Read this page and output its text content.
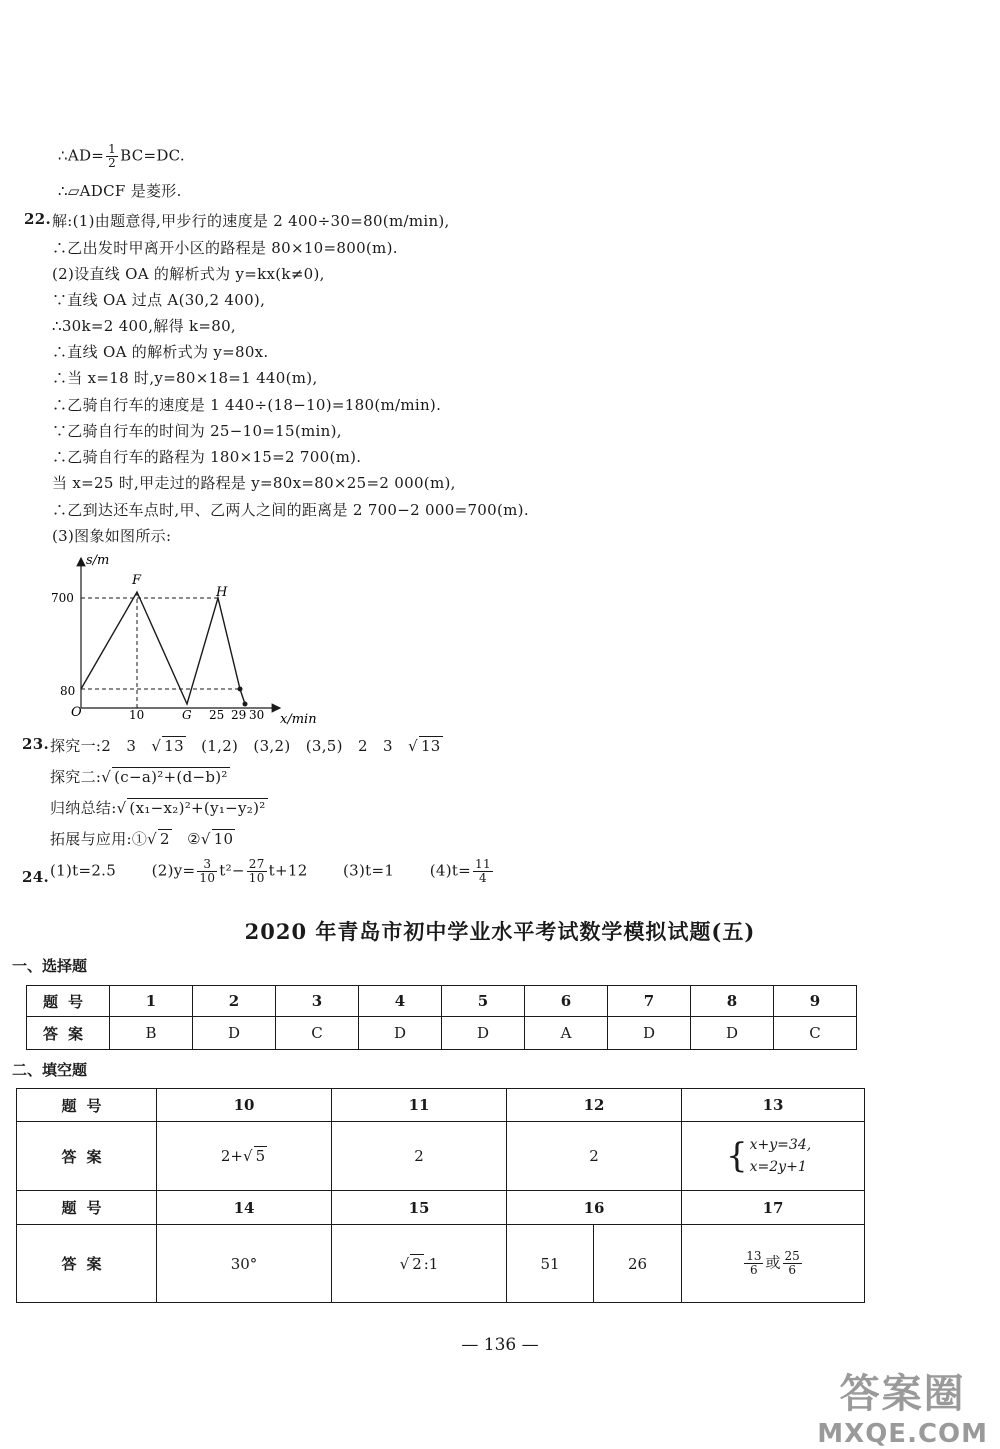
∴AD= $\frac{1}{2} BC=DC$.
∴▱ADCF 是菱形.
22. 解:(1)由题意得,甲步行的速度是 2 400÷30=80(m/min),
∴乙出发时甲离开小区的路程是 80×10=800(m).
(2)设直线 OA 的解析式为 y=kx(k≠0),
∵直线 OA 过点 A(30,2 400),
∴30k=2 400,解得 k=80,
∴直线 OA 的解析式为 y=80x.
∴当 x=18 时,y=80×18=1 440(m),
∴乙骑自行车的速度是 1 440÷(18−10)=180(m/min).
∵乙骑自行车的时间为 25−10=15(min),
∴乙骑自行车的路程为 180×15=2 700(m).
当 x=25 时,甲走过的路程是 y=80x=80×25=2 000(m),
∴乙到达还车点时,甲、乙两人之间的距离是 2 700−2 000=700(m).
(3)图象如图所示:
s/m
x/min
O
700
80
10	G 25 29 30
F
H
23. 探究一:2 3   √ 13 (1,2) (3,2) (3,5) 2 3   √ 13
探究二:√ (c−a)²+(d−b)²
归纳总结:√ (x₁−x₂)²+(y₁−y₂)²
拓展与应用:①√ 2 ②√ 10
24. (1)t=2.5 $(2)y= \frac{3}{10} t^2- \frac{27}{10} t+12$ (3)t=1 $(4)t= \frac{11}{4}$
2020 年青岛市初中学业水平考试数学模拟试题(五)
一、选择题
题号	1	2	3	4	5	6	7	8	9
答案	B	D	C	D	D	A	D	D	C
二、填空题
题号	10	11	12		13
答案	2+√ 5	2	2		{ x+y=34,
x=2y+1

题号	14	15	16		17
答案	30°	√ 2 :1	51	26	$\frac{13}{6}$ 或 $\frac{25}{6}$
— 136 —
答案圈
MXQE.COM
